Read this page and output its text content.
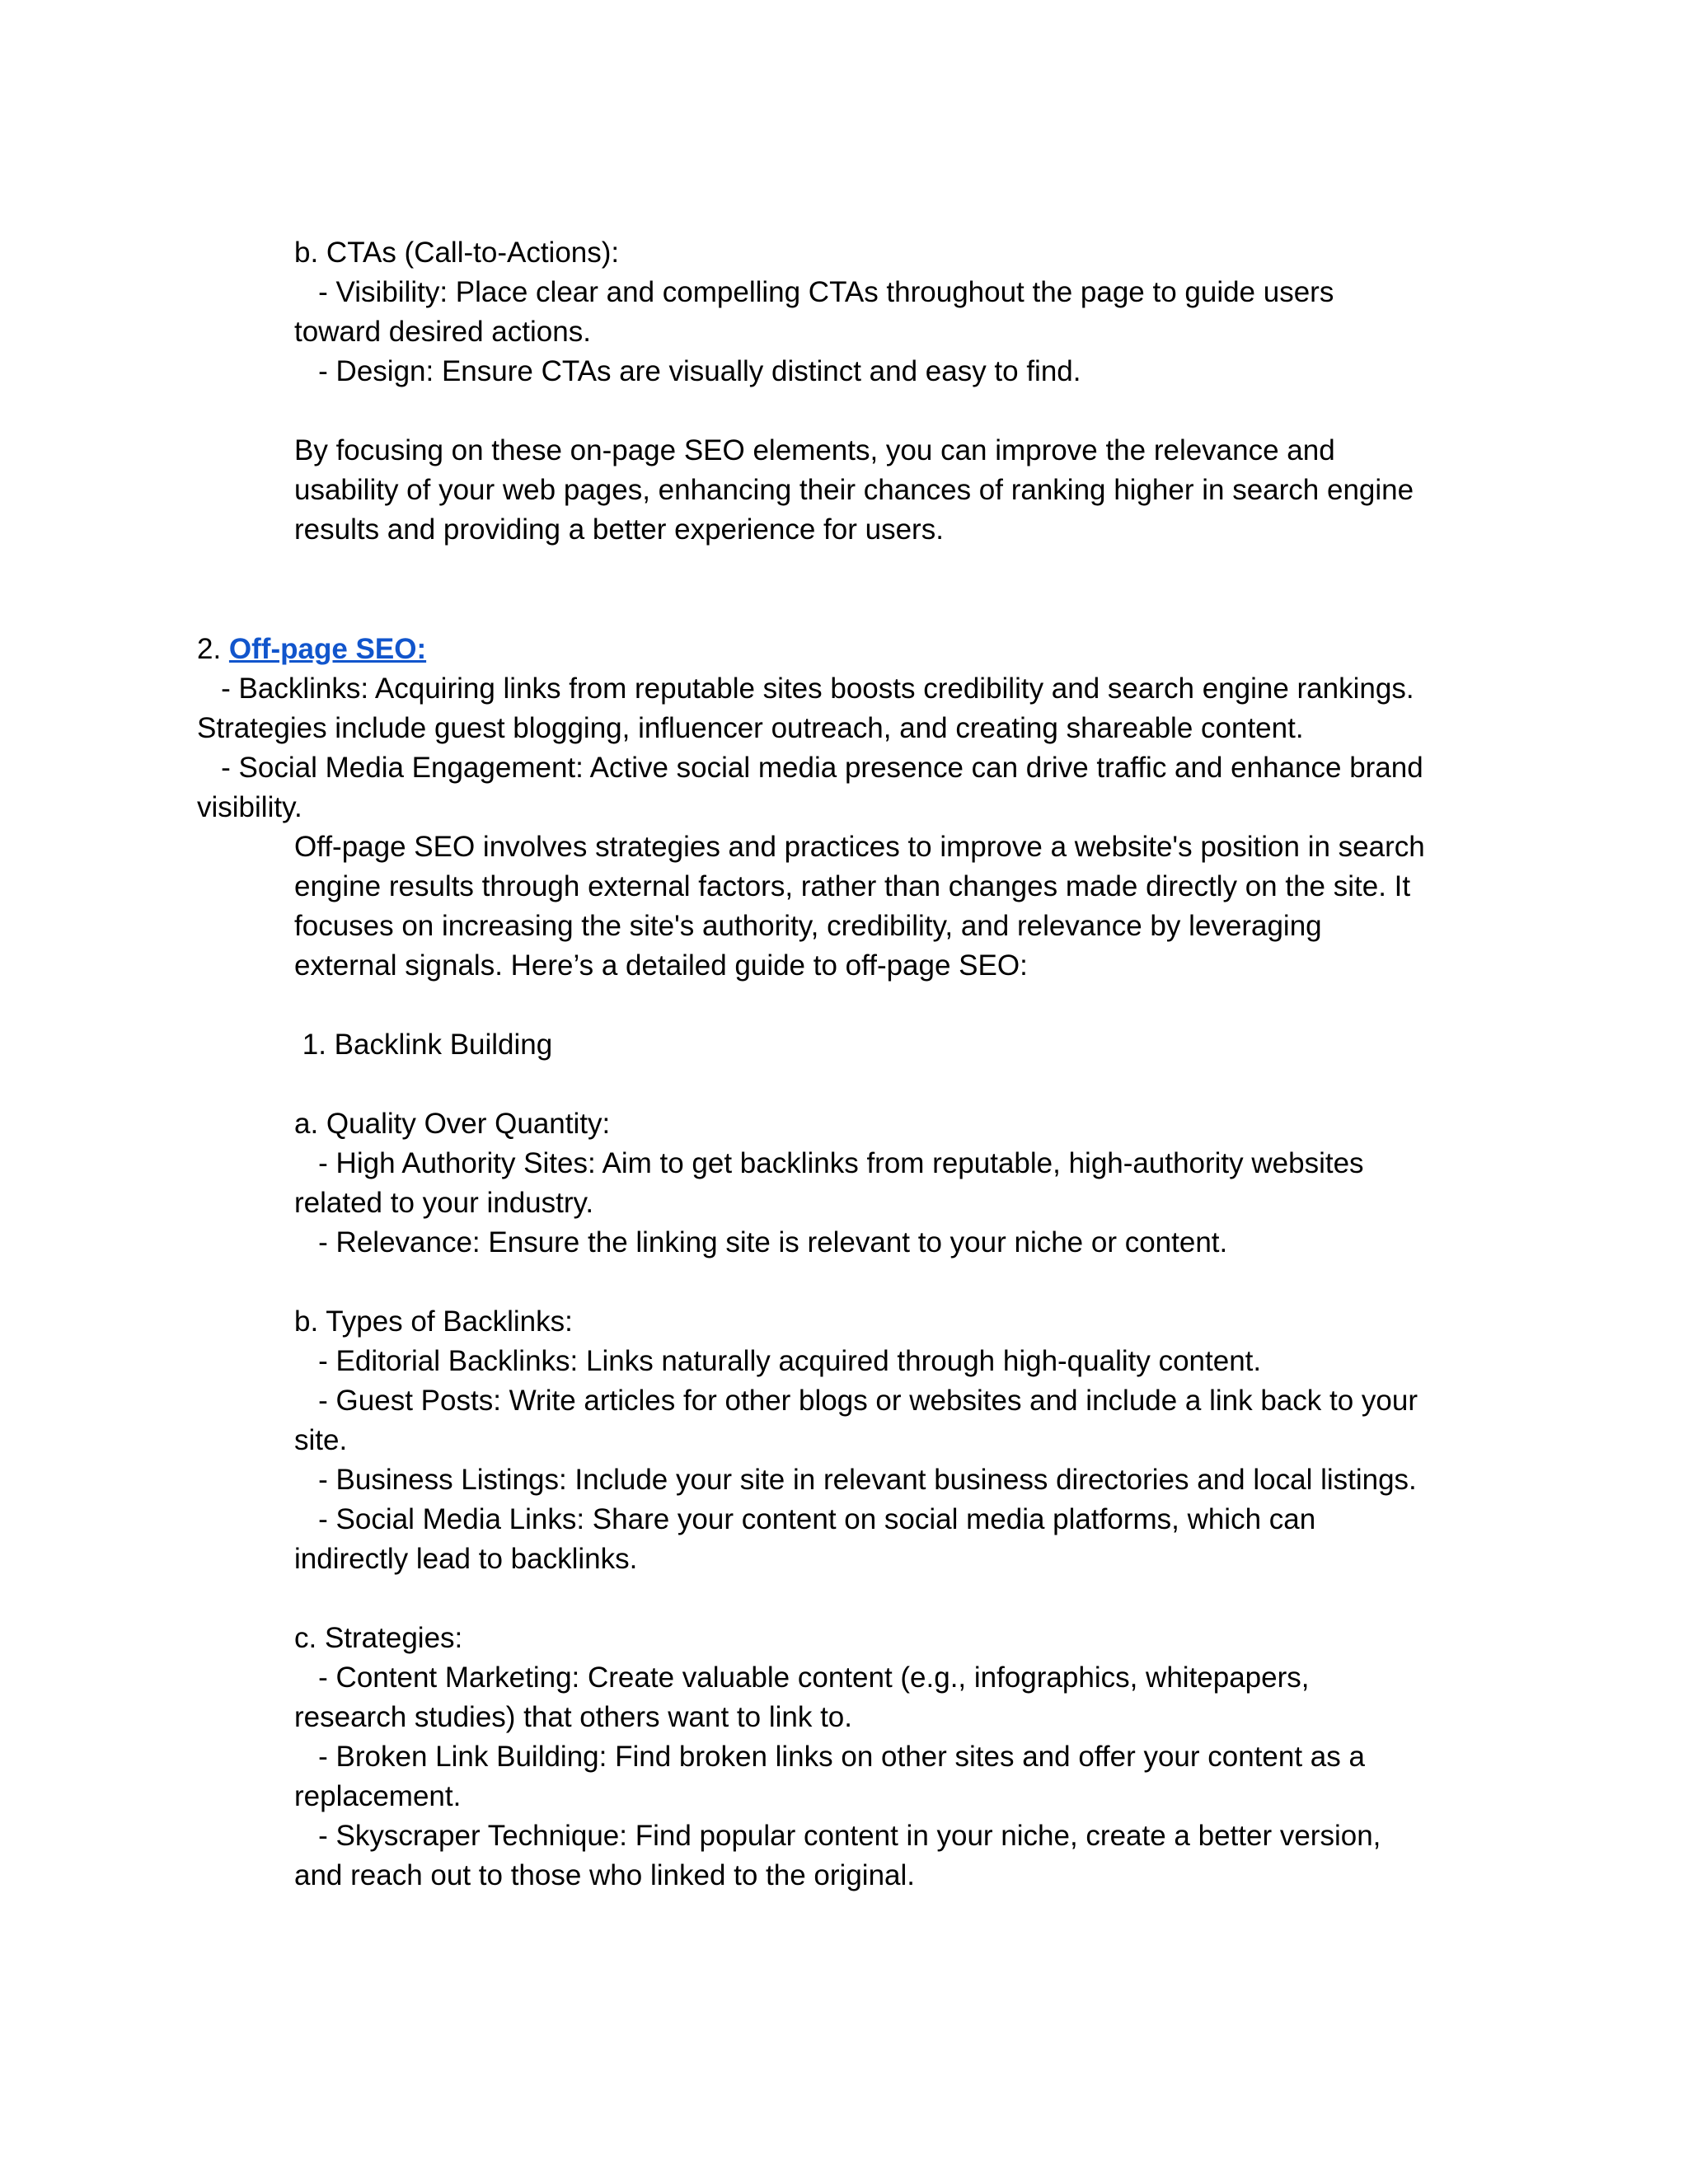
b. CTAs (Call-to-Actions):

- Visibility: Place clear and compelling CTAs throughout the page to guide users

toward desired actions.

- Design: Ensure CTAs are visually distinct and easy to find.

By focusing on these on-page SEO elements, you can improve the relevance and

usability of your web pages, enhancing their chances of ranking higher in search engine

results and providing a better experience for users.

2. Off-page SEO:

- Backlinks: Acquiring links from reputable sites boosts credibility and search engine rankings.

Strategies include guest blogging, influencer outreach, and creating shareable content.

- Social Media Engagement: Active social media presence can drive traffic and enhance brand

visibility.

Off-page SEO involves strategies and practices to improve a website's position in search

engine results through external factors, rather than changes made directly on the site. It

focuses on increasing the site's authority, credibility, and relevance by leveraging

external signals. Here’s a detailed guide to off-page SEO:

1. Backlink Building

a. Quality Over Quantity:

- High Authority Sites: Aim to get backlinks from reputable, high-authority websites

related to your industry.

- Relevance: Ensure the linking site is relevant to your niche or content.

b. Types of Backlinks:

- Editorial Backlinks: Links naturally acquired through high-quality content.

- Guest Posts: Write articles for other blogs or websites and include a link back to your

site.

- Business Listings: Include your site in relevant business directories and local listings.

- Social Media Links: Share your content on social media platforms, which can

indirectly lead to backlinks.

c. Strategies:

- Content Marketing: Create valuable content (e.g., infographics, whitepapers,

research studies) that others want to link to.

- Broken Link Building: Find broken links on other sites and offer your content as a

replacement.

- Skyscraper Technique: Find popular content in your niche, create a better version,

and reach out to those who linked to the original.
